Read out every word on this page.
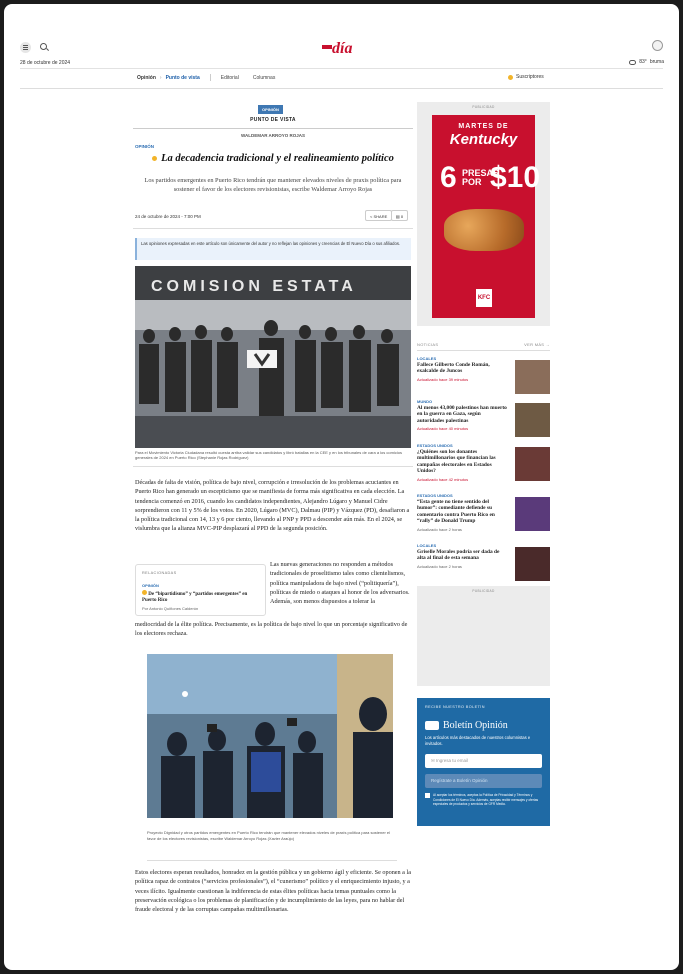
día
28 de octubre de 2024	83° bruma
Opinión › Punto de vista	Editorial	Columnas	Suscriptores
OPINIÓN
PUNTO DE VISTA
WALDEMAR ARROYO ROJAS
OPINIÓN
La decadencia tradicional y el realineamiento político
Los partidos emergentes en Puerto Rico tendrán que mantener elevados niveles de praxis política para sostener el favor de los electores revisionistas, escribe Waldemar Arroyo Rojas
24 de octubre de 2024 - 7:00 PM	< SHARE	▤ 0
Las opiniones expresadas en este artículo son únicamente del autor y no reflejan las opiniones y creencias de El Nuevo Día o sus afiliados.
COMISION ESTATA
Para el Movimiento Victoria Ciudadana resultó cuesta arriba validar sus candidatos y libró batallas en la CEE y en los tribunales de cara a los comicios generales de 2024 en Puerto Rico (Stephanie Rojas Rodríguez)
Décadas de falta de visión, política de bajo nivel, corrupción e irresolución de los problemas acuciantes en Puerto Rico han generado un escepticismo que se manifiesta de forma más significativa en cada elección. La tendencia comenzó en 2016, cuando los candidatos independientes, Alejandro Lúgaro y Manuel Cidre sorprendieron con 11 y 5% de los votos. En 2020, Lúgaro (MVC), Dalmau (PIP) y Vázquez (PD), desafiaron a la política tradicional con 14, 13 y 6 por ciento, llevando al PNP y PPD a descender aún más. En el 2024, se vislumbra que la alianza MVC-PIP desplazará al PPD de la segunda posición.
RELACIONADAS
OPINIÓN
De “bipartidismo” y “partidos emergentes” en Puerto Rico
Por Antonio Quiñones Calderón
Las nuevas generaciones no responden a métodos tradicionales de proselitismo tales como clientelismos, política manipuladora de bajo nivel (“politiquería”), políticas de miedo o ataques al honor de los adversarios. Además, son menos dispuestos a tolerar la
mediocridad de la élite política. Precisamente, es la política de bajo nivel lo que un porcentaje significativo de los electores rechaza.
Proyecto Dignidad y otros partidos emergentes en Puerto Rico tendrán que mantener elevados niveles de praxis política para sostener el favor de los electores revisionistas, escribe Waldemar Arroyo Rojas (Xavier Araújo)
Estos electores esperan resultados, honradez en la gestión pública y un gobierno ágil y eficiente. Se oponen a la política rapaz de contratos (“servicios profesionales”), el “cunerismo” político y el enriquecimiento injusto, y a veces ilícito. Igualmente cuestionan la indiferencia de estas élites políticas hacia temas puntuales como la preservación ecológica o los problemas de planificación y de incumplimiento de las leyes, para no hablar del fraude electoral y de las corruptas campañas multimillonarias.
PUBLICIDAD
MARTES DE
Kentucky
6 PRESAS
POR $10
KFC
NOTICIAS	VER MÁS →
LOCALES
Fallece Gilberto Conde Román, exalcalde de Juncos
Actualizado hace 39 minutos
MUNDO
Al menos 43,000 palestinos han muerto en la guerra en Gaza, según autoridades palestinas
Actualizado hace 40 minutos
ESTADOS UNIDOS
¿Quiénes son los donantes multimillonarios que financian las campañas electorales en Estados Unidos?
Actualizado hace 42 minutos
ESTADOS UNIDOS
“Esta gente no tiene sentido del humor”: comediante defiende su comentario contra Puerto Rico en “rally” de Donald Trump
Actualizado hace 2 horas
LOCALES
Griselle Morales podría ser dada de alta al final de esta semana
Actualizado hace 2 horas
PUBLICIDAD
RECIBE NUESTRO BOLETÍN
Boletín Opinión
Los artículos más destacados de nuestros columnistas e invitados.
✉ Ingresa tu email
Regístrate a Boletín Opinión
Al aceptar los términos, aceptas la Política de Privacidad y Términos y Condiciones de El Nuevo Día. Además, aceptas recibir mensajes y ofertas especiales de productos y servicios de GFR Media.
